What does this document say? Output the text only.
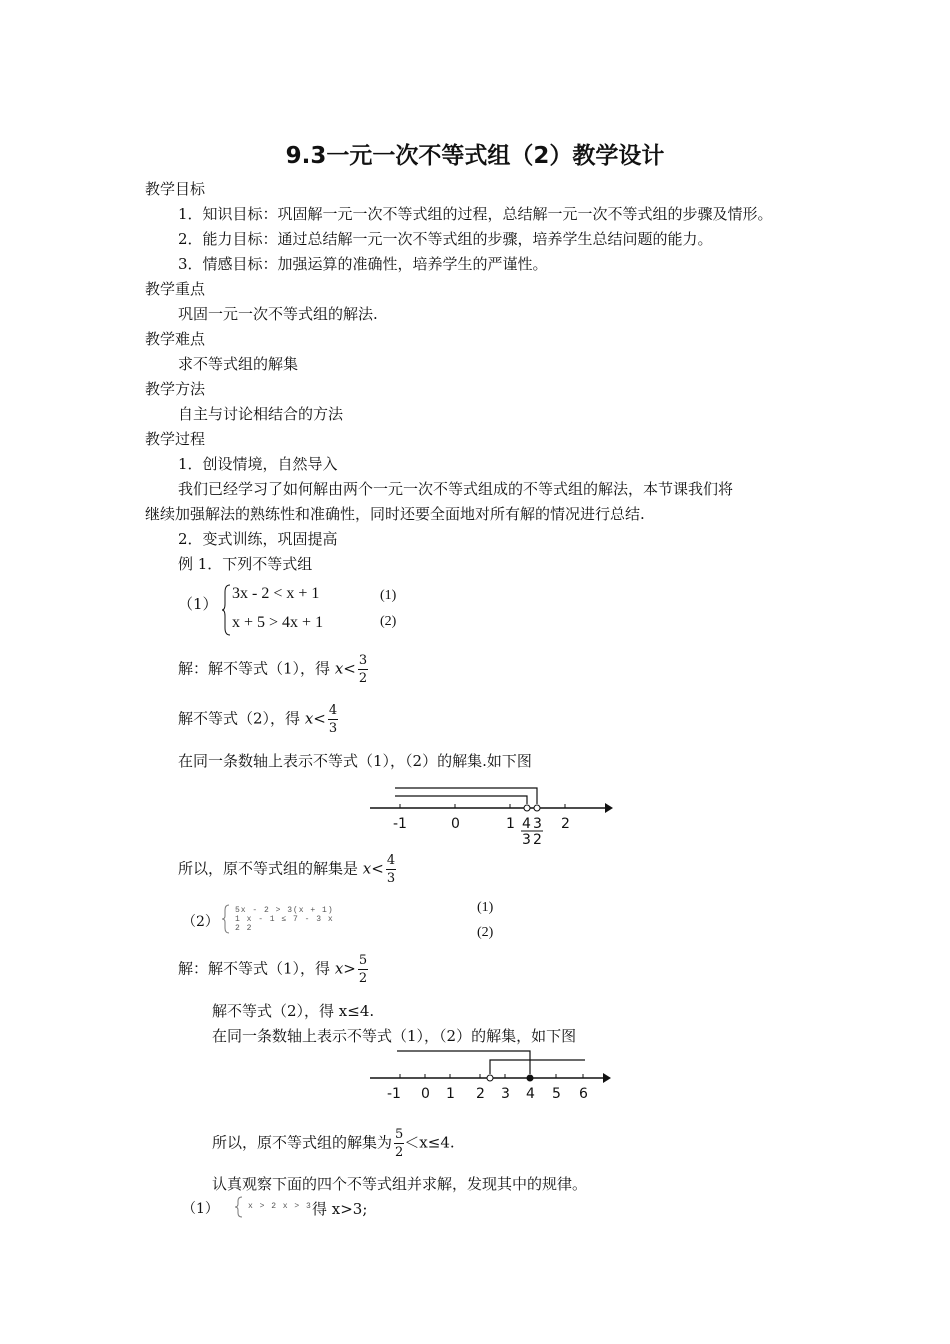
9.3一元一次不等式组（2）教学设计
教学目标
1．知识目标：巩固解一元一次不等式组的过程，总结解一元一次不等式组的步骤及情形。
2．能力目标：通过总结解一元一次不等式组的步骤，培养学生总结问题的能力。
3．情感目标：加强运算的准确性，培养学生的严谨性。
教学重点
巩固一元一次不等式组的解法.
教学难点
求不等式组的解集
教学方法
自主与讨论相结合的方法
教学过程
1．创设情境，自然导入
我们已经学习了如何解由两个一元一次不等式组成的不等式组的解法，本节课我们将
继续加强解法的熟练性和准确性，同时还要全面地对所有解的情况进行总结.
2．变式训练，巩固提高
例 1．下列不等式组
（1）
3x - 2 < x + 1
x + 5 > 4x + 1
(1)
(2)
解：解不等式（1），得 $x< \frac{3}{2}$
解不等式（2），得 $x< \frac{4}{3}$
在同一条数轴上表示不等式（1），（2）的解集.如下图
-1	0	1 4 3 2
3 2
所以，原不等式组的解集是 $x< \frac{4}{3}$
（2）
5x - 2 > 3(x + 1)
1 x - 1 ≤ 7 - 3 x
2 2
(1)
(2)
解：解不等式（1），得 $x> \frac{5}{2}$
解不等式（2），得 x≤4.
在同一条数轴上表示不等式（1），（2）的解集，如下图
-1 0 1 2 3 4 5 6
所以，原不等式组的解集为 $\frac{5}{2} <x\le 4$.
认真观察下面的四个不等式组并求解，发现其中的规律。
（1）	x > 2 x > 3 得 x>3;
